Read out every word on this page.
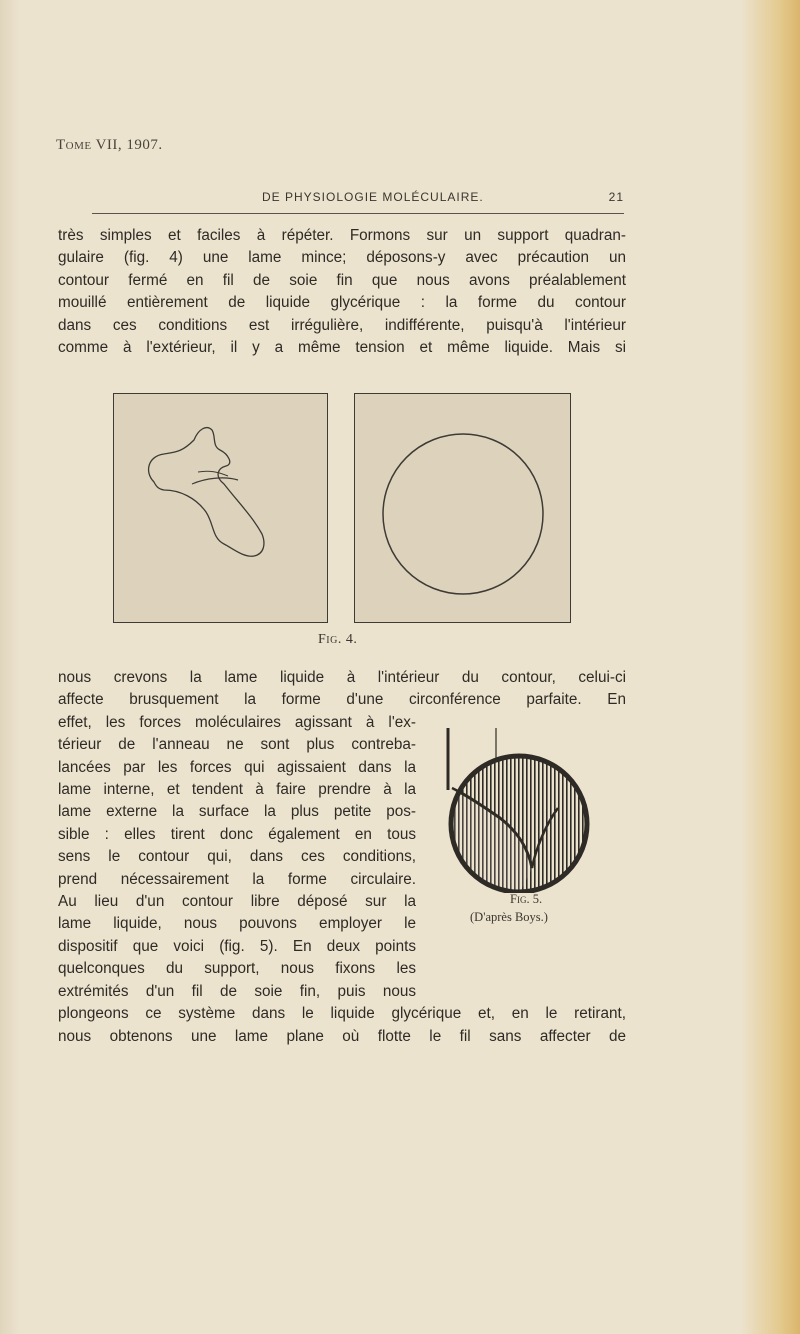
Tome VII, 1907.
DE PHYSIOLOGIE MOLÉCULAIRE.	21
très simples et faciles à répéter. Formons sur un support quadran-
gulaire (fig. 4) une lame mince; déposons-y avec précaution un
contour fermé en fil de soie fin que nous avons préalablement
mouillé entièrement de liquide glycérique : la forme du contour
dans ces conditions est irrégulière, indifférente, puisqu'à l'intérieur
comme à l'extérieur, il y a même tension et même liquide. Mais si
Fig. 4.
nous crevons la lame liquide à l'intérieur du contour, celui-ci
affecte brusquement la forme d'une circonférence parfaite. En
effet, les forces moléculaires agissant à l'ex-
térieur de l'anneau ne sont plus contreba-
lancées par les forces qui agissaient dans la
lame interne, et tendent à faire prendre à la
lame externe la surface la plus petite pos-
sible : elles tirent donc également en tous
sens le contour qui, dans ces conditions,
prend nécessairement la forme circulaire.
Au lieu d'un contour libre déposé sur la
lame liquide, nous pouvons employer le
dispositif que voici (fig. 5). En deux points
quelconques du support, nous fixons les
extrémités d'un fil de soie fin, puis nous
plongeons ce système dans le liquide glycérique et, en le retirant,
nous obtenons une lame plane où flotte le fil sans affecter de
Fig. 5.
(D'après Boys.)
